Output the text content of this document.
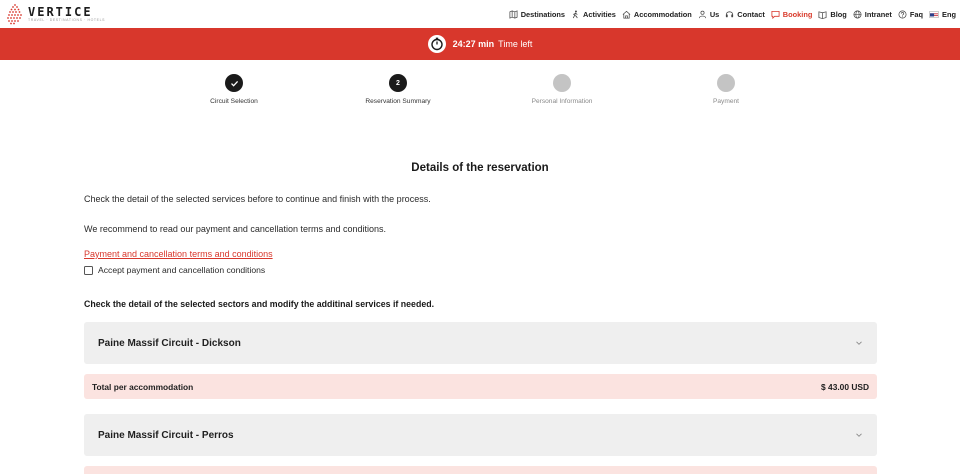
VERTICE
TRAVEL · DESTINATIONS · HOTELS
Destinations Activities Accommodation Us Contact Booking Blog Intranet Faq	Eng
24:27 min Time left
Circuit Selection
2
Reservation Summary	Personal Information	Payment
Details of the reservation

Check the detail of the selected services before to continue and finish with the process.

We recommend to read our payment and cancellation terms and conditions.

Payment and cancellation terms and conditions
Accept payment and cancellation conditions
Check the detail of the selected sectors and modify the additinal services if needed.
Paine Massif Circuit - Dickson
Total per accommodation	$ 43.00 USD
Paine Massif Circuit - Perros
